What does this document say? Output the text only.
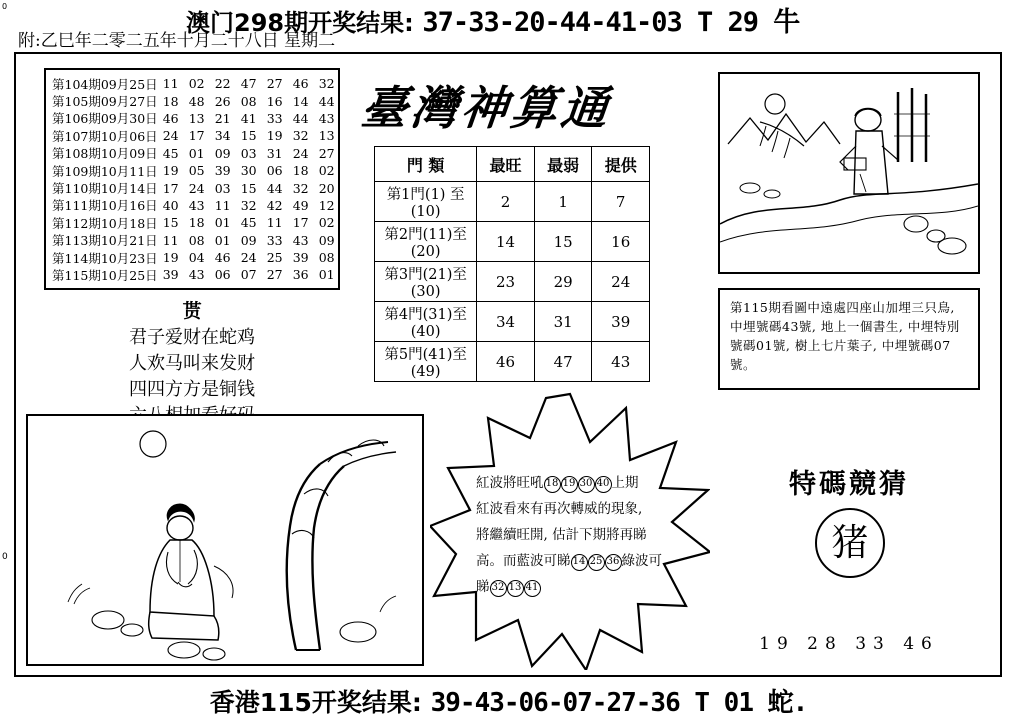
0
0
澳门298期开奖结果: 37-33-20-44-41-03 T 29 牛
附:乙巳年二零二五年十月二十八日 星期二
第104期09月25日 11 02 22 47 27 46 32
第105期09月27日 18 48 26 08 16 14 44
第106期09月30日 46 13 21 41 33 44 43
第107期10月06日 24 17 34 15 19 32 13
第108期10月09日 45 01 09 03 31 24 27
第109期10月11日 19 05 39 30 06 18 02
第110期10月14日 17 24 03 15 44 32 20
第111期10月16日 40 43 11 32 42 49 12
第112期10月18日 15 18 01 45 11 17 02
第113期10月21日 11 08 01 09 33 43 09
第114期10月23日 19 04 46 24 25 39 08
第115期10月25日 39 43 06 07 27 36 01
贳
君子爱财在蛇鸡
人欢马叫来发财
四四方方是铜钱
臺灣神算通
門 類	最旺	最弱	提供
第1門(1) 至 (10)	2	1	7
第2門(11)至 (20)	14	15	16
第3門(21)至 (30)	23	29	24
第4門(31)至 (40)	34	31	39
第5門(41)至 (49)	46	47	43
第115期看圖中遠處四座山加埋三只鳥, 中埋號碼43號, 地上一個書生, 中埋特別號碼01號, 樹上七片葉子, 中埋號碼07號。
紅波將旺吼 18 19 30 40 上期
紅波看來有再次轉威的現象,
將繼續旺開, 估計下期將再睇
高。而藍波可睇 14 25 36 綠波可
睇 32 13 41
特碼競猜
猪
19 28 33 46
香港115开奖结果: 39-43-06-07-27-36 T 01 蛇.
